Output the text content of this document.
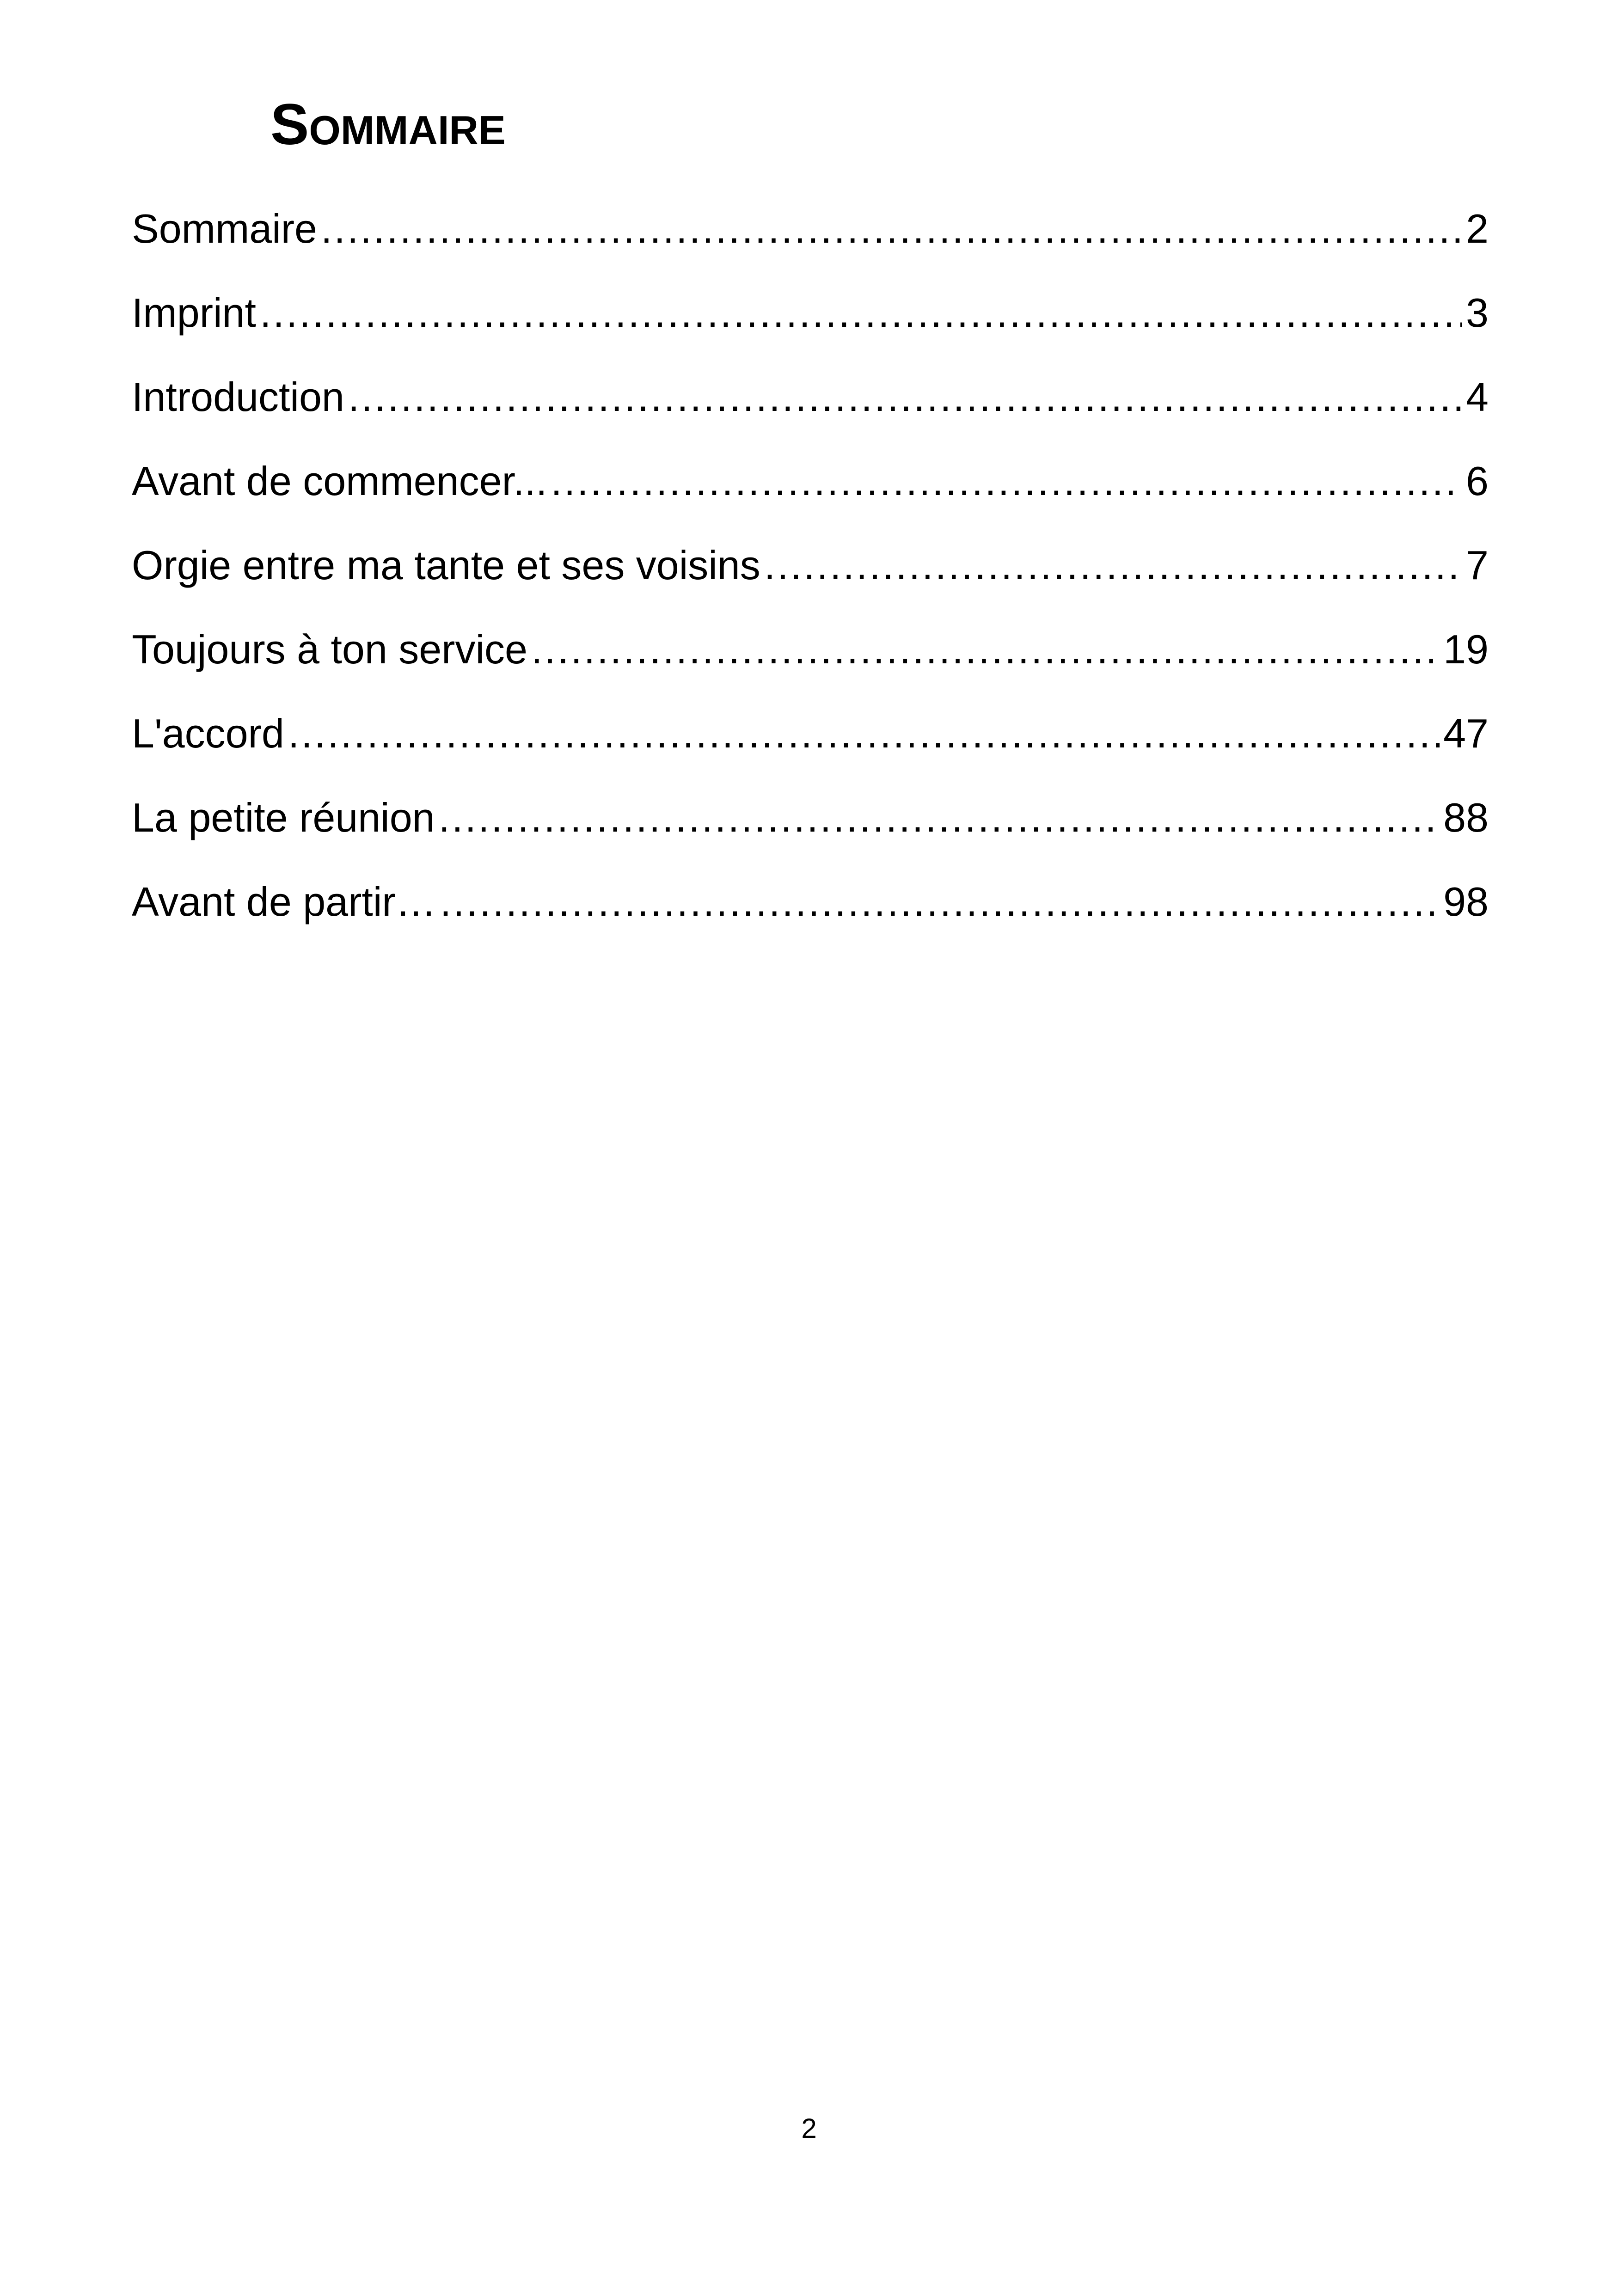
Sommaire
Sommaire .....	2
Imprint .....	3
Introduction .....	4
Avant de commencer... .....	6
Orgie entre ma tante et ses voisins .....	7
Toujours à ton service .....	19
L'accord .....	47
La petite réunion .....	88
Avant de partir… .....	98
2
